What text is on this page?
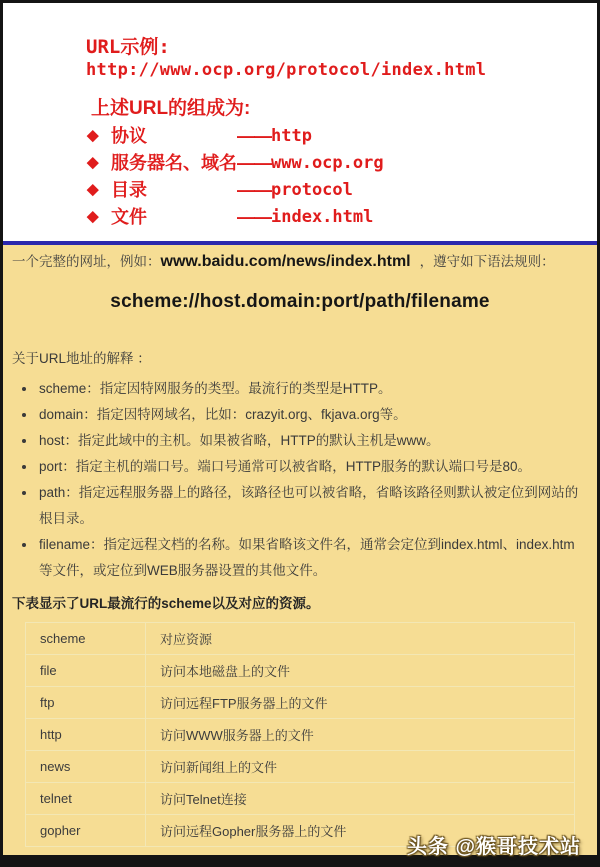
URL示例:
http://www.ocp.org/protocol/index.html
上述URL的组成为:
◆ 协议	—— http
◆ 服务器名、域名 —— www.ocp.org
◆ 目录	—— protocol
◆ 文件	—— index.html
一个完整的网址，例如：www.baidu.com/news/index.html ，遵守如下语法规则：
scheme://host.domain:port/path/filename
关于URL地址的解释 ：
• scheme：指定因特网服务的类型。最流行的类型是HTTP。
• domain：指定因特网域名，比如：crazyit.org、fkjava.org等。
• host：指定此域中的主机。如果被省略，HTTP的默认主机是www。
• port：指定主机的端口号。端口号通常可以被省略，HTTP服务的默认端口号是80。
• path：指定远程服务器上的路径，该路径也可以被省略，省略该路径则默认被定位到网站的根目录。
• filename：指定远程文档的名称。如果省略该文件名，通常会定位到index.html、index.htm等文件，或定位到WEB服务器设置的其他文件。
下表显示了URL最流行的scheme以及对应的资源。
scheme	对应资源
file	访问本地磁盘上的文件
ftp	访问远程FTP服务器上的文件
http	访问WWW服务器上的文件
news	访问新闻组上的文件
telnet	访问Telnet连接
gopher	访问远程Gopher服务器上的文件
头条 @猴哥技术站
